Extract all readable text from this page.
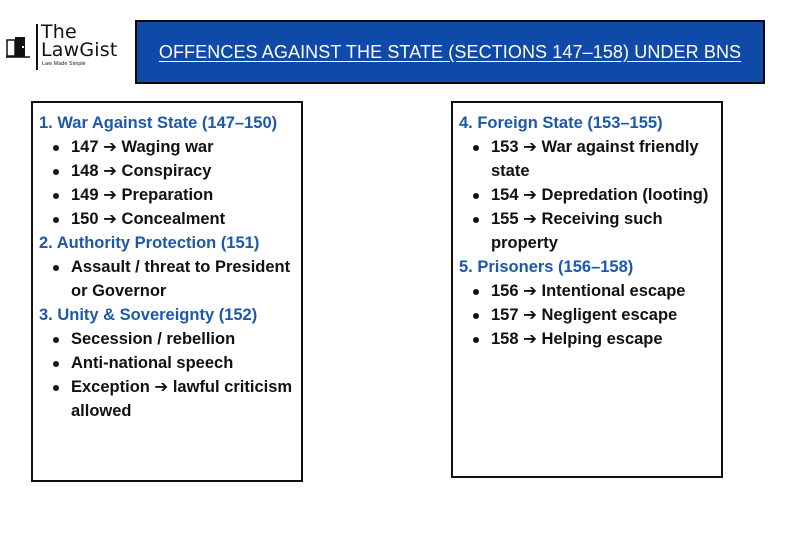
The
LawGist
Law Made Simple
OFFENCES AGAINST THE STATE (SECTIONS 147–158) UNDER BNS
1. War Against State (147–150)
147 ➔ Waging war
148 ➔ Conspiracy
149 ➔ Preparation
150 ➔ Concealment
2. Authority Protection (151)
Assault / threat to President or Governor
3. Unity & Sovereignty (152)
Secession / rebellion
Anti-national speech
Exception ➔ lawful criticism allowed
4. Foreign State (153–155)
153 ➔ War against friendly state
154 ➔ Depredation (looting)
155 ➔ Receiving such property
5. Prisoners (156–158)
156 ➔ Intentional escape
157 ➔ Negligent escape
158 ➔ Helping escape
